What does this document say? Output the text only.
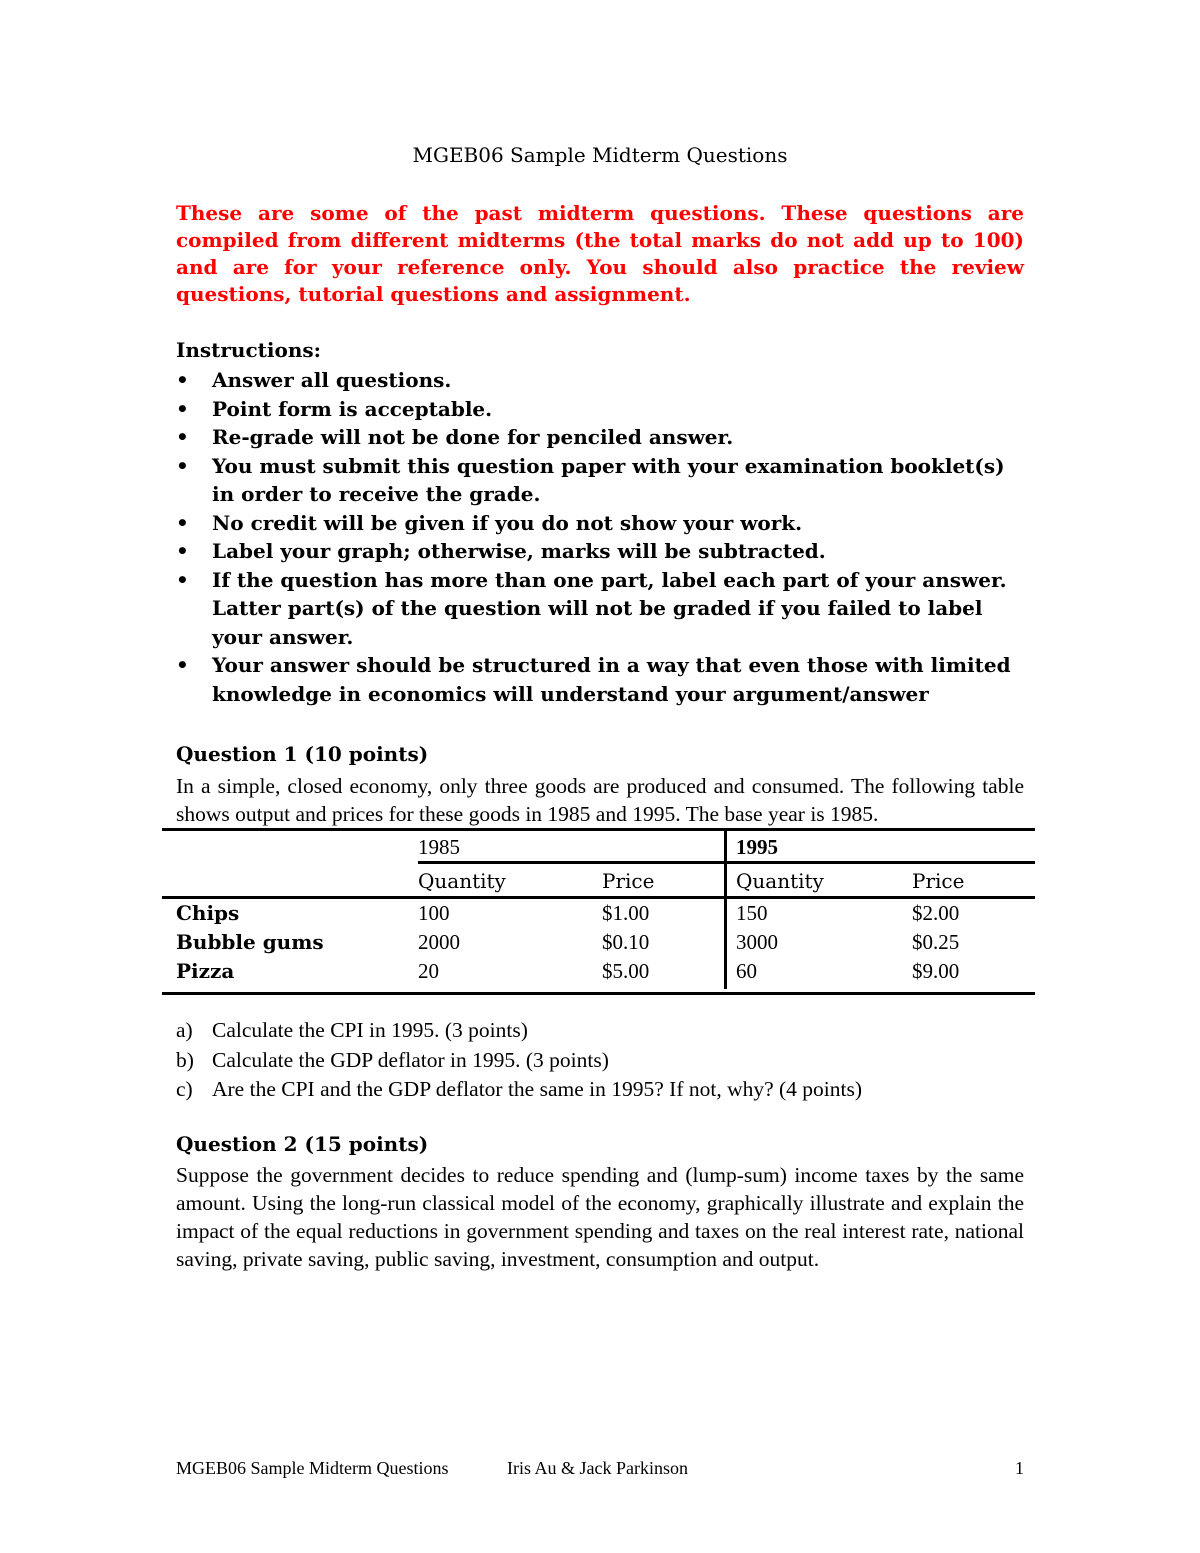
MGEB06 Sample Midterm Questions
These are some of the past midterm questions. These questions are compiled from different midterms (the total marks do not add up to 100) and are for your reference only. You should also practice the review questions, tutorial questions and assignment.
Instructions:
• Answer all questions.
• Point form is acceptable.
• Re-grade will not be done for penciled answer.
• You must submit this question paper with your examination booklet(s) in order to receive the grade.
• No credit will be given if you do not show your work.
• Label your graph; otherwise, marks will be subtracted.
• If the question has more than one part, label each part of your answer. Latter part(s) of the question will not be graded if you failed to label your answer.
• Your answer should be structured in a way that even those with limited knowledge in economics will understand your argument/answer
Question 1 (10 points)
In a simple, closed economy, only three goods are produced and consumed. The following table shows output and prices for these goods in 1985 and 1995. The base year is 1985.
1985	1995
Quantity	Price	Quantity	Price
Chips	100	$1.00	150	$2.00
Bubble gums	2000	$0.10	3000	$0.25
Pizza	20	$5.00	60	$9.00
a) Calculate the CPI in 1995. (3 points)
b) Calculate the GDP deflator in 1995. (3 points)
c) Are the CPI and the GDP deflator the same in 1995? If not, why? (4 points)
Question 2 (15 points)
Suppose the government decides to reduce spending and (lump-sum) income taxes by the same amount. Using the long-run classical model of the economy, graphically illustrate and explain the impact of the equal reductions in government spending and taxes on the real interest rate, national saving, private saving, public saving, investment, consumption and output.
MGEB06 Sample Midterm Questions	Iris Au & Jack Parkinson	1
